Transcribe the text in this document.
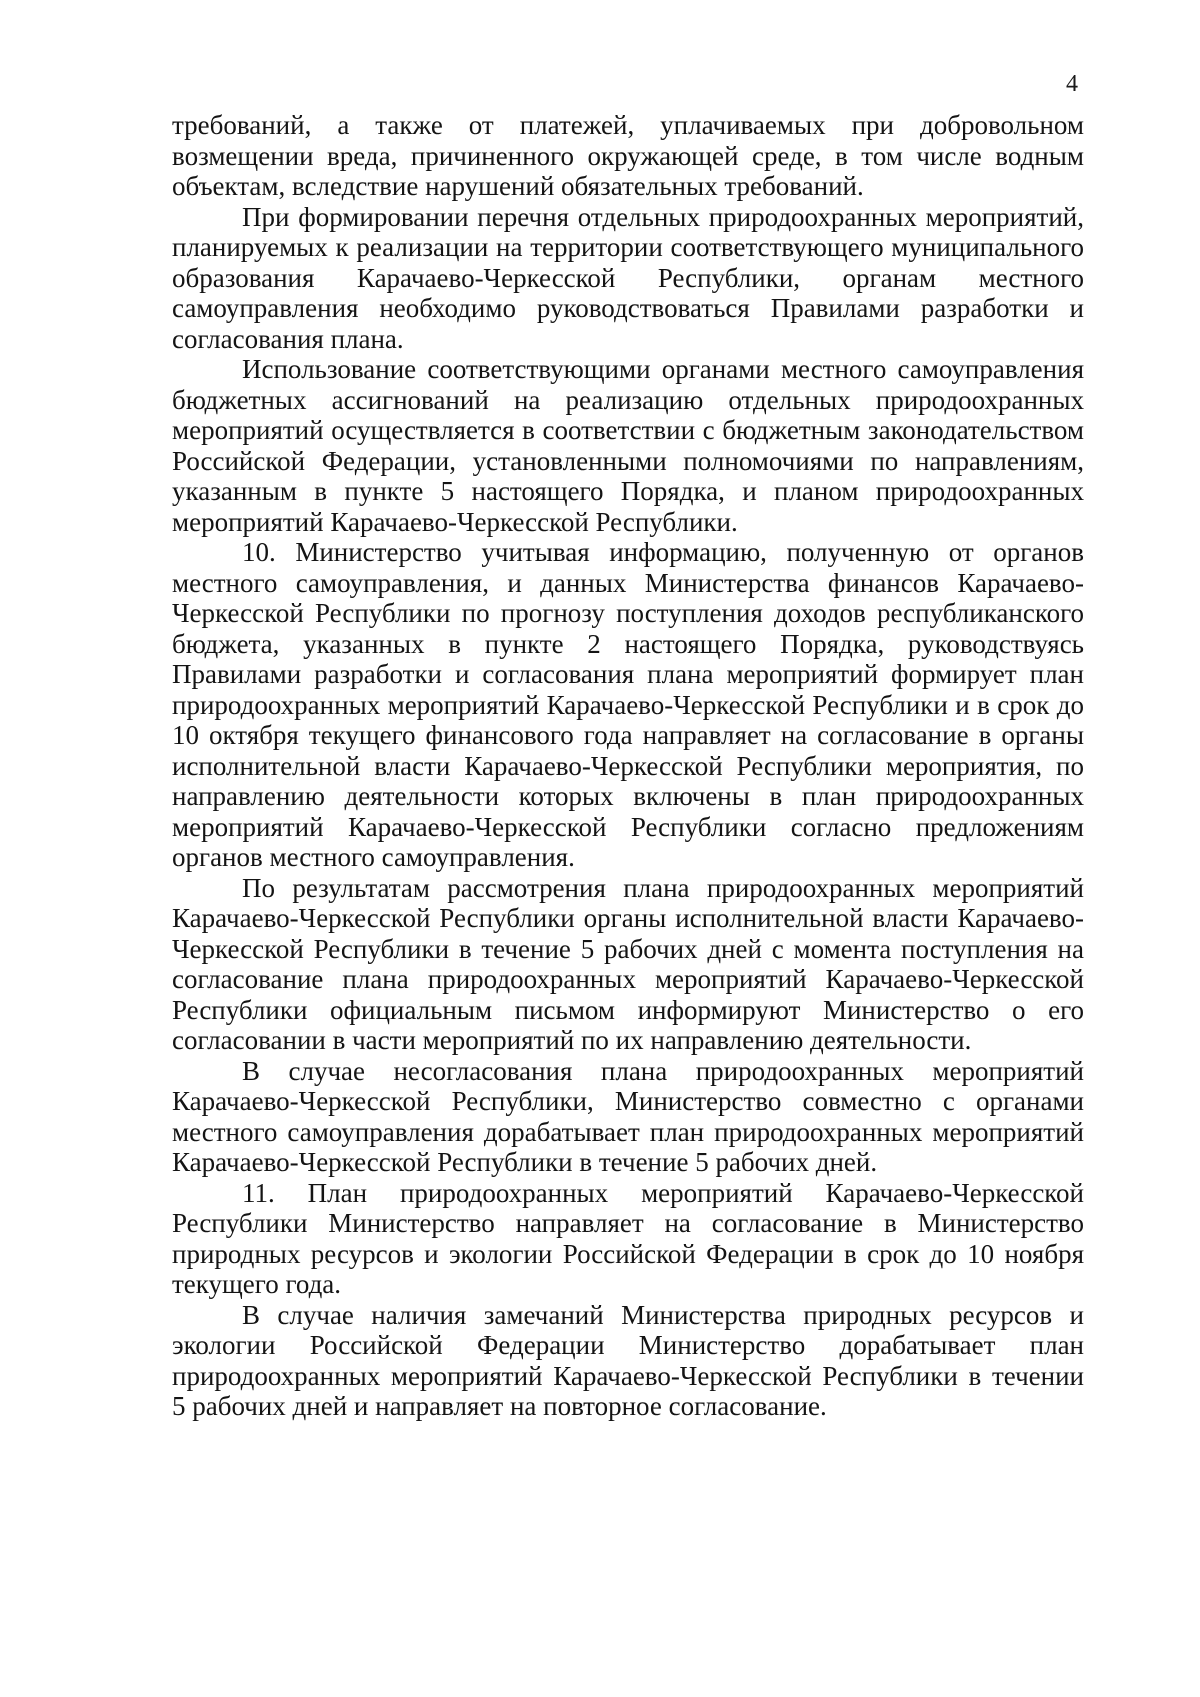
4

требований, а также от платежей, уплачиваемых при добровольном возмещении вреда, причиненного окружающей среде, в том числе водным объектам, вследствие нарушений обязательных требований.

При формировании перечня отдельных природоохранных мероприятий, планируемых к реализации на территории соответствующего муниципального образования Карачаево-Черкесской Республики, органам местного самоуправления необходимо руководствоваться Правилами разработки и согласования плана.

Использование соответствующими органами местного самоуправления бюджетных ассигнований на реализацию отдельных природоохранных мероприятий осуществляется в соответствии с бюджетным законодательством Российской Федерации, установленными полномочиями по направлениям, указанным в пункте 5 настоящего Порядка, и планом природоохранных мероприятий Карачаево-Черкесской Республики.

10. Министерство учитывая информацию, полученную от органов местного самоуправления, и данных Министерства финансов Карачаево-Черкесской Республики по прогнозу поступления доходов республиканского бюджета, указанных в пункте 2 настоящего Порядка, руководствуясь Правилами разработки и согласования плана мероприятий формирует план природоохранных мероприятий Карачаево-Черкесской Республики и в срок до 10 октября текущего финансового года направляет на согласование в органы исполнительной власти Карачаево-Черкесской Республики мероприятия, по направлению деятельности которых включены в план природоохранных мероприятий Карачаево-Черкесской Республики согласно предложениям органов местного самоуправления.

По результатам рассмотрения плана природоохранных мероприятий Карачаево-Черкесской Республики органы исполнительной власти Карачаево-Черкесской Республики в течение 5 рабочих дней с момента поступления на согласование плана природоохранных мероприятий Карачаево-Черкесской Республики официальным письмом информируют Министерство о его согласовании в части мероприятий по их направлению деятельности.

В случае несогласования плана природоохранных мероприятий Карачаево-Черкесской Республики, Министерство совместно с органами местного самоуправления дорабатывает план природоохранных мероприятий Карачаево-Черкесской Республики в течение 5 рабочих дней.

11. План природоохранных мероприятий Карачаево-Черкесской Республики Министерство направляет на согласование в Министерство природных ресурсов и экологии Российской Федерации в срок до 10 ноября текущего года.

В случае наличия замечаний Министерства природных ресурсов и экологии Российской Федерации Министерство дорабатывает план природоохранных мероприятий Карачаево-Черкесской Республики в течении 5 рабочих дней и направляет на повторное согласование.
